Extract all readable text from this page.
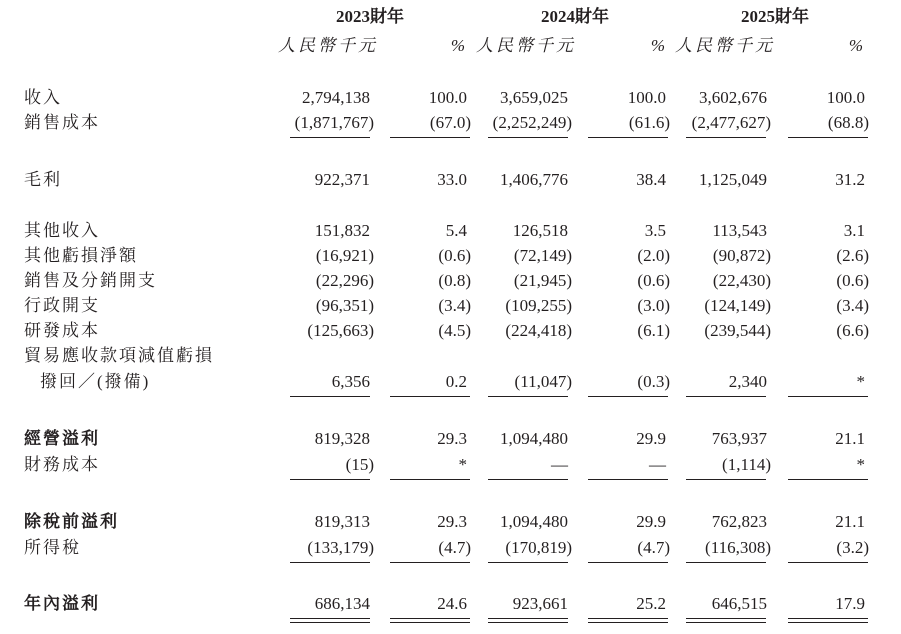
2023財年	2024財年	2025財年
人民幣千元	% 人民幣千元	% 人民幣千元	%
收入	2,794,138	100.0	3,659,025	100.0	3,602,676	100.0
銷售成本	(1,871,767)	(67.0)	(2,252,249)	(61.6)	(2,477,627)	(68.8)
毛利	922,371	33.0	1,406,776	38.4	1,125,049	31.2
其他收入	151,832	5.4	126,518	3.5	113,543	3.1
其他虧損淨額	(16,921)	(0.6)	(72,149)	(2.0)	(90,872)	(2.6)
銷售及分銷開支	(22,296)	(0.8)	(21,945)	(0.6)	(22,430)	(0.6)
行政開支	(96,351)	(3.4)	(109,255)	(3.0)	(124,149)	(3.4)
研發成本	(125,663)	(4.5)	(224,418)	(6.1)	(239,544)	(6.6)
貿易應收款項減值虧損
撥回／(撥備)	6,356	0.2	(11,047)	(0.3)	2,340	*
經營溢利	819,328	29.3	1,094,480	29.9	763,937	21.1
財務成本	(15)	*	—	—	(1,114)	*
除稅前溢利	819,313	29.3	1,094,480	29.9	762,823	21.1
所得稅	(133,179)	(4.7)	(170,819)	(4.7)	(116,308)	(3.2)
年內溢利	686,134	24.6	923,661	25.2	646,515	17.9
